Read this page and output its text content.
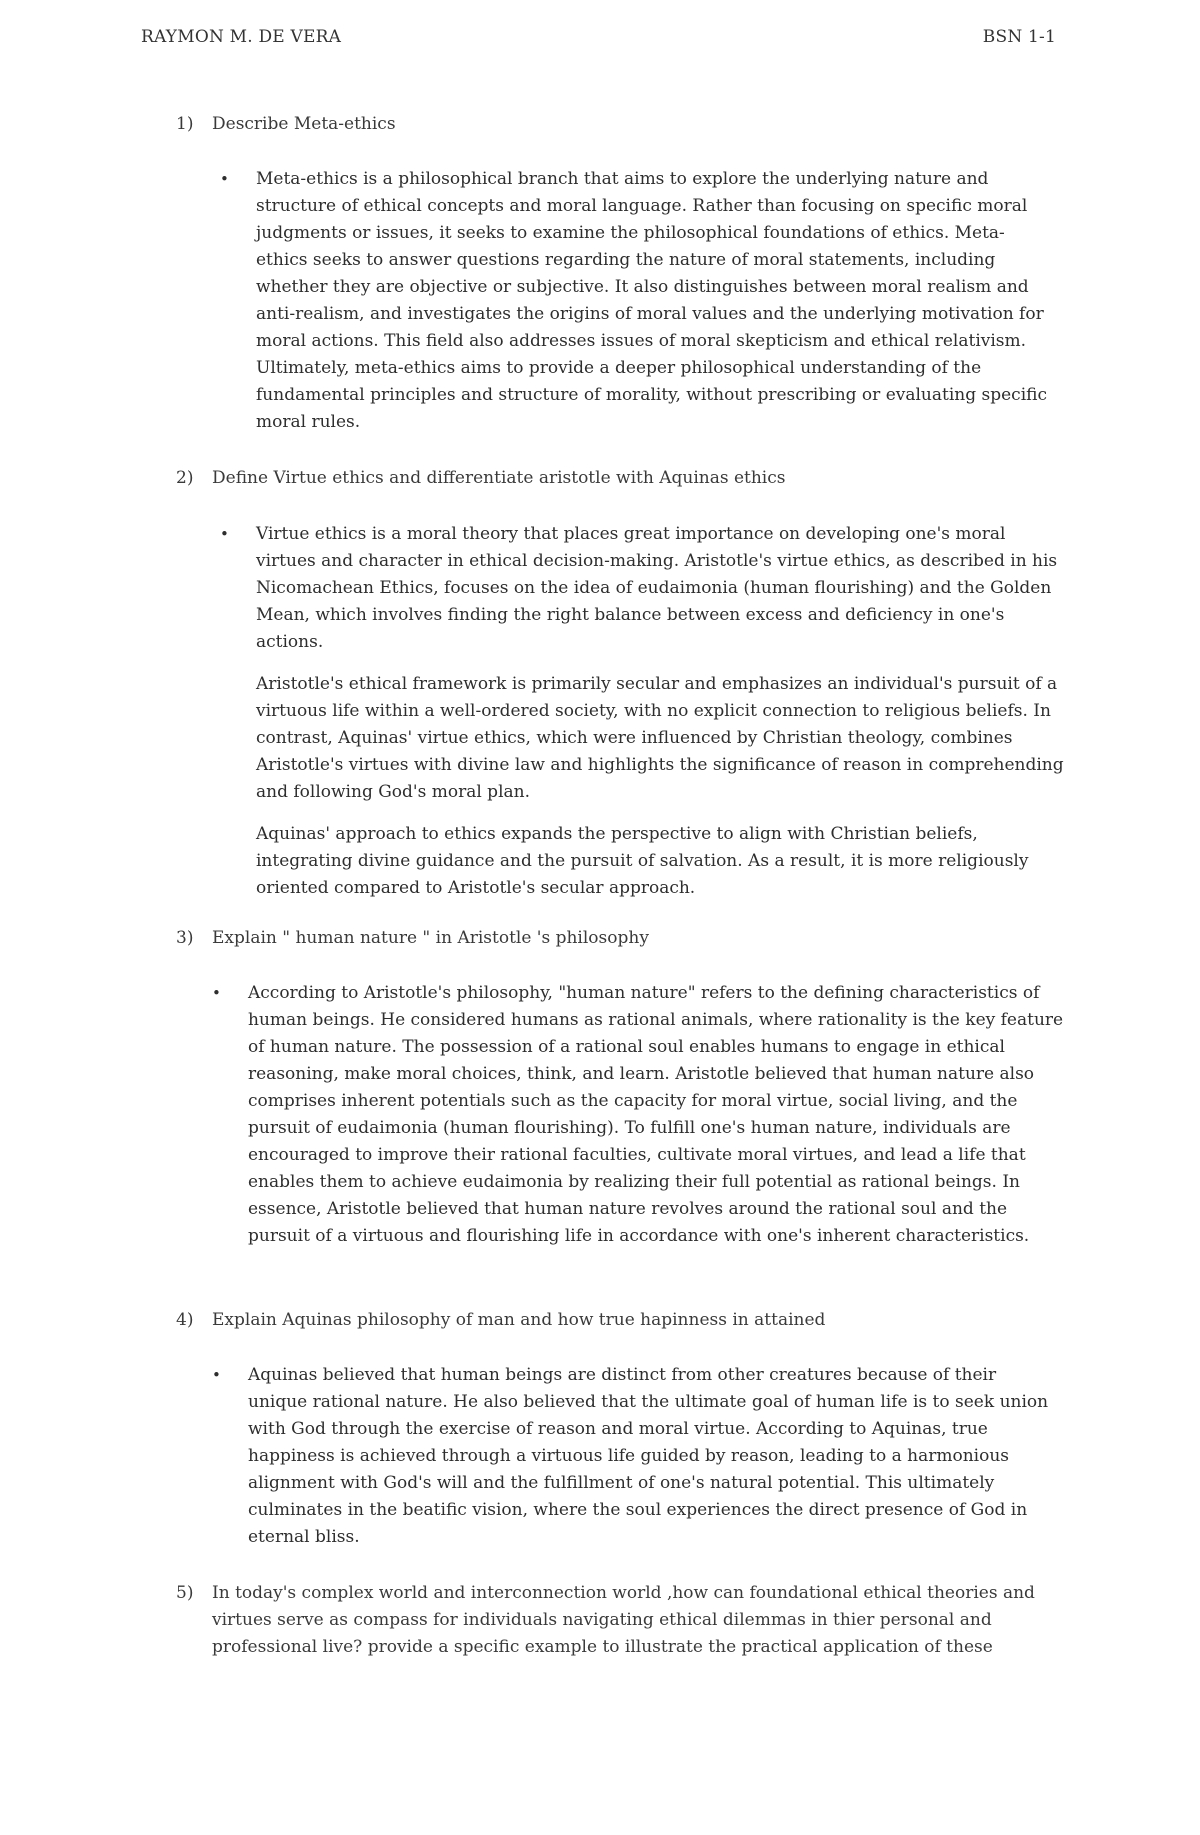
RAYMON M. DE VERA	BSN 1-1
1)	Describe Meta-ethics
• Meta-ethics is a philosophical branch that aims to explore the underlying nature and structure of ethical concepts and moral language. Rather than focusing on specific moral judgments or issues, it seeks to examine the philosophical foundations of ethics. Meta-ethics seeks to answer questions regarding the nature of moral statements, including whether they are objective or subjective. It also distinguishes between moral realism and anti-realism, and investigates the origins of moral values and the underlying motivation for moral actions. This field also addresses issues of moral skepticism and ethical relativism. Ultimately, meta-ethics aims to provide a deeper philosophical understanding of the fundamental principles and structure of morality, without prescribing or evaluating specific moral rules.

2)	Define Virtue ethics and differentiate aristotle with Aquinas ethics
• Virtue ethics is a moral theory that places great importance on developing one's moral virtues and character in ethical decision-making. Aristotle's virtue ethics, as described in his Nicomachean Ethics, focuses on the idea of eudaimonia (human flourishing) and the Golden Mean, which involves finding the right balance between excess and deficiency in one's actions.

Aristotle's ethical framework is primarily secular and emphasizes an individual's pursuit of a virtuous life within a well-ordered society, with no explicit connection to religious beliefs. In contrast, Aquinas' virtue ethics, which were influenced by Christian theology, combines Aristotle's virtues with divine law and highlights the significance of reason in comprehending and following God's moral plan.

Aquinas' approach to ethics expands the perspective to align with Christian beliefs, integrating divine guidance and the pursuit of salvation. As a result, it is more religiously oriented compared to Aristotle's secular approach.

3)	Explain " human nature " in Aristotle 's philosophy
• According to Aristotle's philosophy, "human nature" refers to the defining characteristics of human beings. He considered humans as rational animals, where rationality is the key feature of human nature. The possession of a rational soul enables humans to engage in ethical reasoning, make moral choices, think, and learn. Aristotle believed that human nature also comprises inherent potentials such as the capacity for moral virtue, social living, and the pursuit of eudaimonia (human flourishing). To fulfill one's human nature, individuals are encouraged to improve their rational faculties, cultivate moral virtues, and lead a life that enables them to achieve eudaimonia by realizing their full potential as rational beings. In essence, Aristotle believed that human nature revolves around the rational soul and the pursuit of a virtuous and flourishing life in accordance with one's inherent characteristics.

4)	Explain Aquinas philosophy of man and how true hapinness in attained
• Aquinas believed that human beings are distinct from other creatures because of their unique rational nature. He also believed that the ultimate goal of human life is to seek union with God through the exercise of reason and moral virtue. According to Aquinas, true happiness is achieved through a virtuous life guided by reason, leading to a harmonious alignment with God's will and the fulfillment of one's natural potential. This ultimately culminates in the beatific vision, where the soul experiences the direct presence of God in eternal bliss.

5)	In today's complex world and interconnection world ,how can foundational ethical theories and virtues serve as compass for individuals navigating ethical dilemmas in thier personal and professional live? provide a specific example to illustrate the practical application of these
